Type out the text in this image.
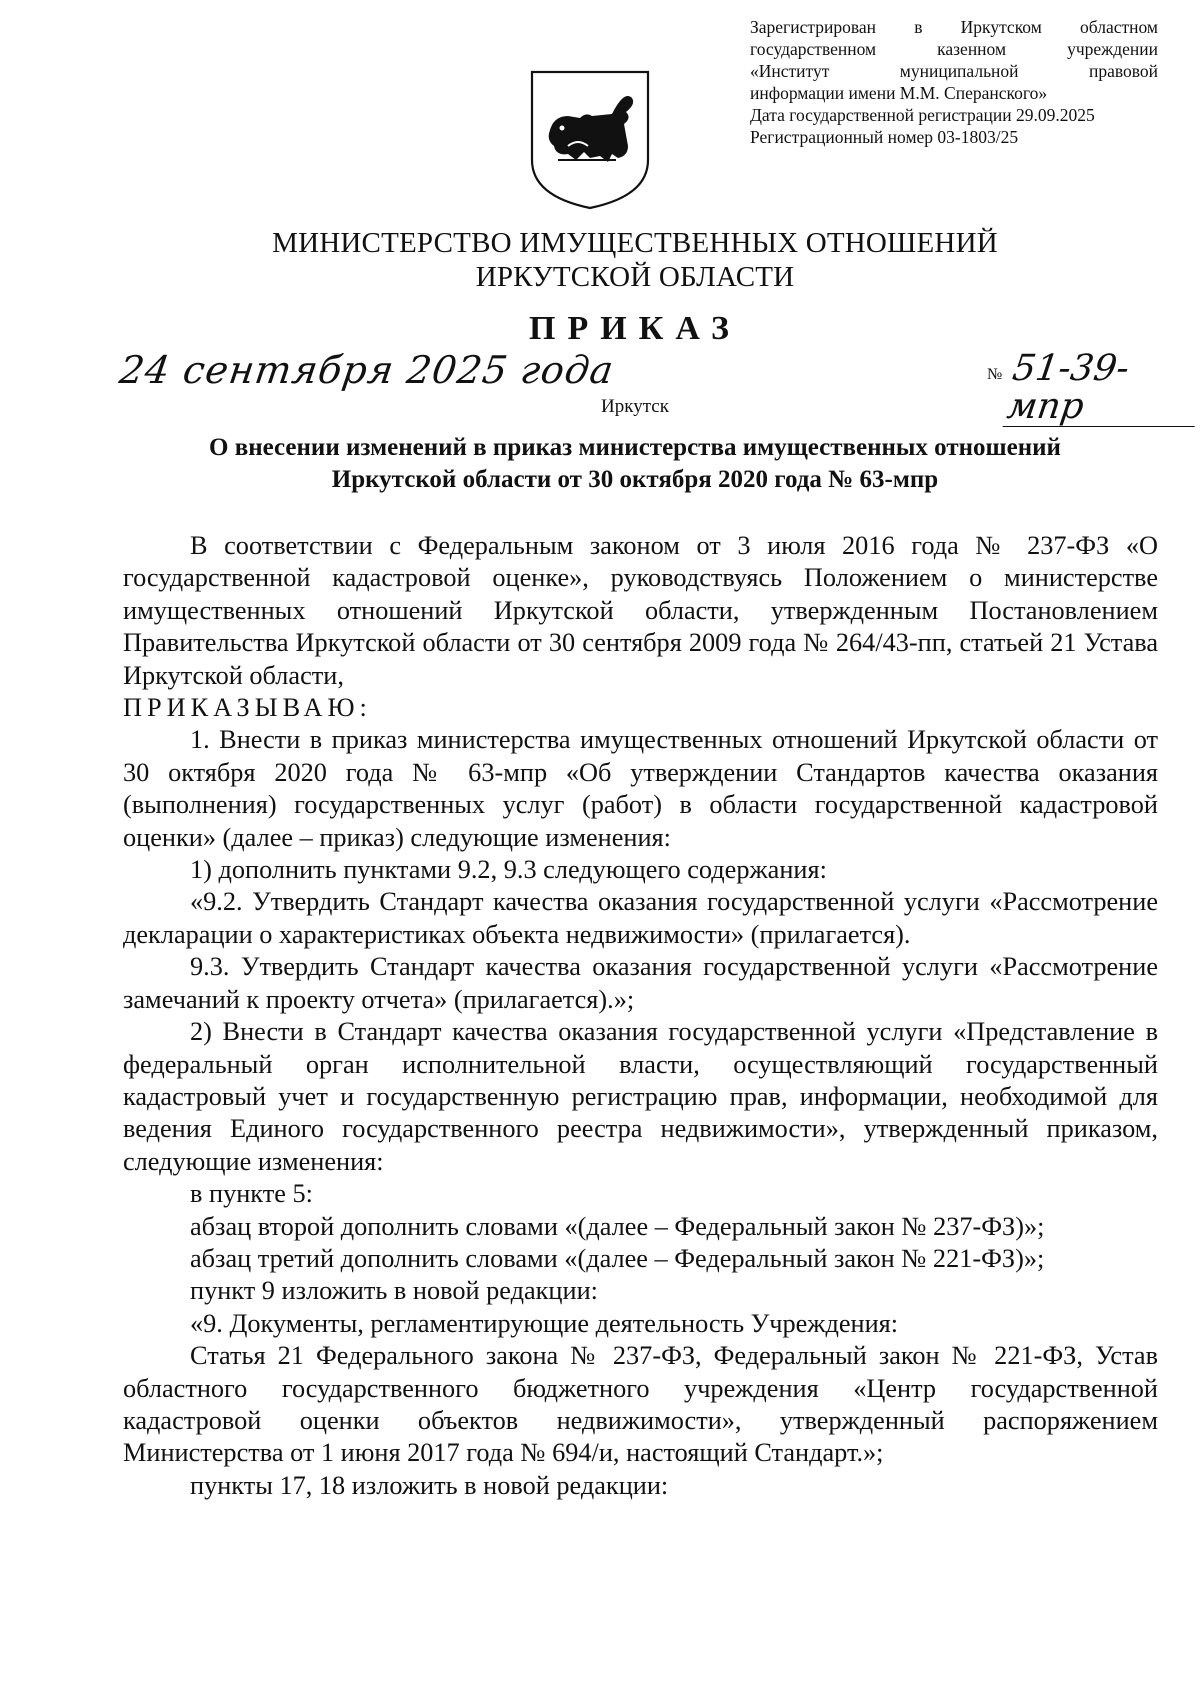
Зарегистрирован в Иркутском областном
государственном казенном учреждении
«Институт муниципальной правовой
информации имени М.М. Сперанского»
Дата государственной регистрации 29.09.2025
Регистрационный номер 03-1803/25
МИНИСТЕРСТВО ИМУЩЕСТВЕННЫХ ОТНОШЕНИЙ
ИРКУТСКОЙ ОБЛАСТИ
ПРИКАЗ
24 сентября 2025 года	№ 51-39-мпр
Иркутск
О внесении изменений в приказ министерства имущественных отношений
Иркутской области от 30 октября 2020 года № 63-мпр

В соответствии с Федеральным законом от 3 июля 2016 года № 237-ФЗ «О государственной кадастровой оценке», руководствуясь Положением о министерстве имущественных отношений Иркутской области, утвержденным Постановлением Правительства Иркутской области от 30 сентября 2009 года № 264/43-пп, статьей 21 Устава Иркутской области,

ПРИКАЗЫВАЮ:

1. Внести в приказ министерства имущественных отношений Иркутской области от 30 октября 2020 года № 63-мпр «Об утверждении Стандартов качества оказания (выполнения) государственных услуг (работ) в области государственной кадастровой оценки» (далее – приказ) следующие изменения:

1) дополнить пунктами 9.2, 9.3 следующего содержания:

«9.2. Утвердить Стандарт качества оказания государственной услуги «Рассмотрение декларации о характеристиках объекта недвижимости» (прилагается).

9.3. Утвердить Стандарт качества оказания государственной услуги «Рассмотрение замечаний к проекту отчета» (прилагается).»;

2) Внести в Стандарт качества оказания государственной услуги «Представление в федеральный орган исполнительной власти, осуществляющий государственный кадастровый учет и государственную регистрацию прав, информации, необходимой для ведения Единого государственного реестра недвижимости», утвержденный приказом, следующие изменения:

в пункте 5:

абзац второй дополнить словами «(далее – Федеральный закон № 237-ФЗ)»;

абзац третий дополнить словами «(далее – Федеральный закон № 221-ФЗ)»;

пункт 9 изложить в новой редакции:

«9. Документы, регламентирующие деятельность Учреждения:

Статья 21 Федерального закона № 237-ФЗ, Федеральный закон № 221-ФЗ, Устав областного государственного бюджетного учреждения «Центр государственной кадастровой оценки объектов недвижимости», утвержденный распоряжением Министерства от 1 июня 2017 года № 694/и, настоящий Стандарт.»;

пункты 17, 18 изложить в новой редакции:
